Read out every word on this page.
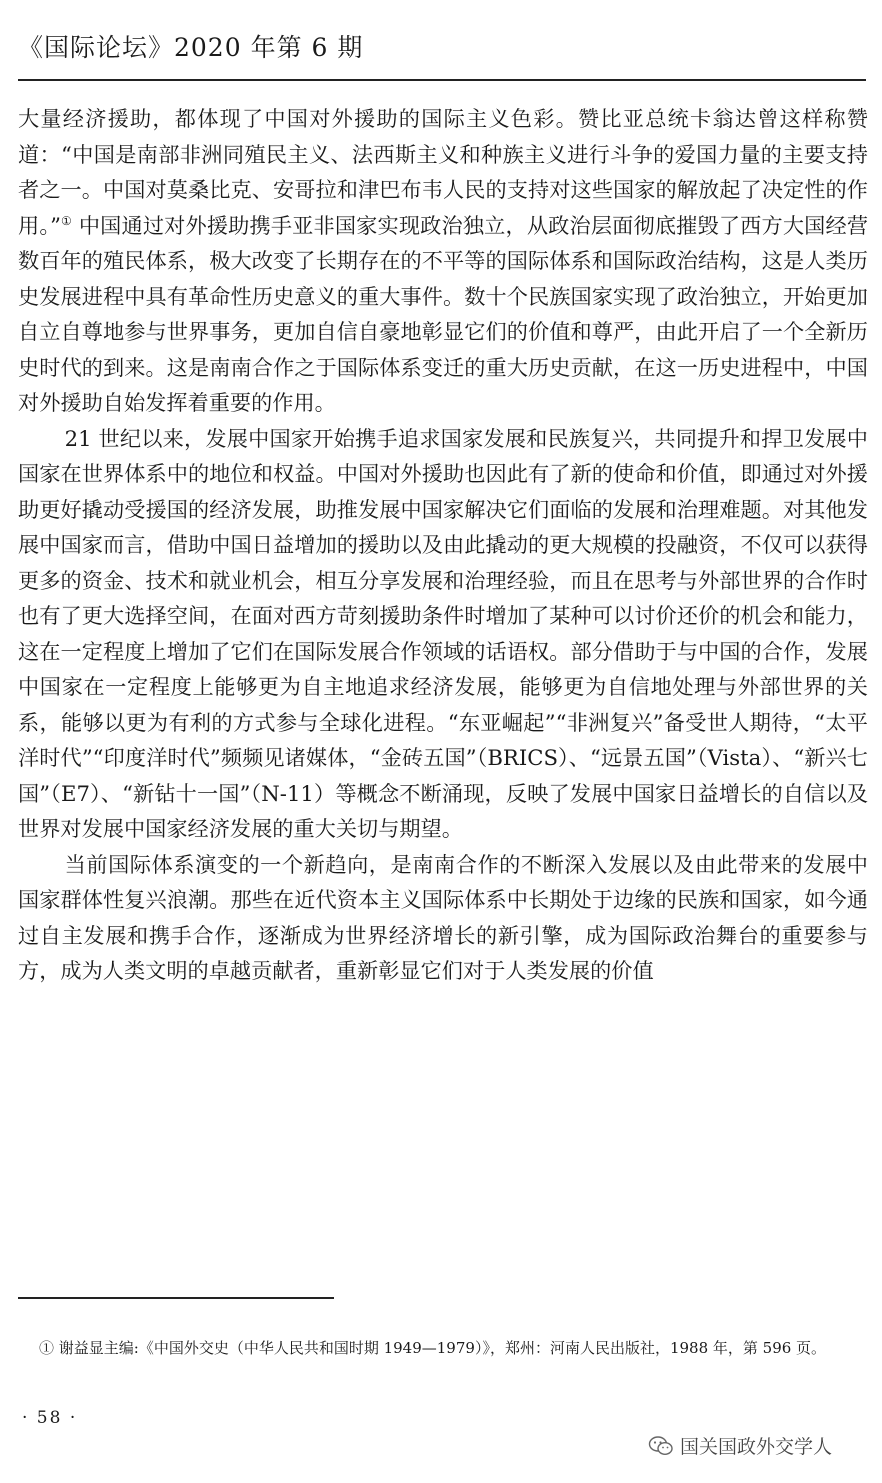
《国际论坛》2020 年第 6 期

大量经济援助，都体现了中国对外援助的国际主义色彩。赞比亚总统卡翁达曾这样称赞道：“中国是南部非洲同殖民主义、法西斯主义和种族主义进行斗争的爱国力量的主要支持者之一。中国对莫桑比克、安哥拉和津巴布韦人民的支持对这些国家的解放起了决定性的作用。”① 中国通过对外援助携手亚非国家实现政治独立，从政治层面彻底摧毁了西方大国经营数百年的殖民体系，极大改变了长期存在的不平等的国际体系和国际政治结构，这是人类历史发展进程中具有革命性历史意义的重大事件。数十个民族国家实现了政治独立，开始更加自立自尊地参与世界事务，更加自信自豪地彰显它们的价值和尊严，由此开启了一个全新历史时代的到来。这是南南合作之于国际体系变迁的重大历史贡献，在这一历史进程中，中国对外援助自始发挥着重要的作用。

21 世纪以来，发展中国家开始携手追求国家发展和民族复兴，共同提升和捍卫发展中国家在世界体系中的地位和权益。中国对外援助也因此有了新的使命和价值，即通过对外援助更好撬动受援国的经济发展，助推发展中国家解决它们面临的发展和治理难题。对其他发展中国家而言，借助中国日益增加的援助以及由此撬动的更大规模的投融资，不仅可以获得更多的资金、技术和就业机会，相互分享发展和治理经验，而且在思考与外部世界的合作时也有了更大选择空间，在面对西方苛刻援助条件时增加了某种可以讨价还价的机会和能力，这在一定程度上增加了它们在国际发展合作领域的话语权。部分借助于与中国的合作，发展中国家在一定程度上能够更为自主地追求经济发展，能够更为自信地处理与外部世界的关系，能够以更为有利的方式参与全球化进程。“东亚崛起”“非洲复兴”备受世人期待，“太平洋时代”“印度洋时代”频频见诸媒体，“金砖五国”（BRICS）、“远景五国”（Vista）、“新兴七国”（E7）、“新钻十一国”（N-11）等概念不断涌现，反映了发展中国家日益增长的自信以及世界对发展中国家经济发展的重大关切与期望。

当前国际体系演变的一个新趋向，是南南合作的不断深入发展以及由此带来的发展中国家群体性复兴浪潮。那些在近代资本主义国际体系中长期处于边缘的民族和国家，如今通过自主发展和携手合作，逐渐成为世界经济增长的新引擎，成为国际政治舞台的重要参与方，成为人类文明的卓越贡献者，重新彰显它们对于人类发展的价值

① 谢益显主编:《中国外交史（中华人民共和国时期 1949—1979）》，郑州：河南人民出版社，1988 年，第 596 页。
· 58 ·
国关国政外交学人
